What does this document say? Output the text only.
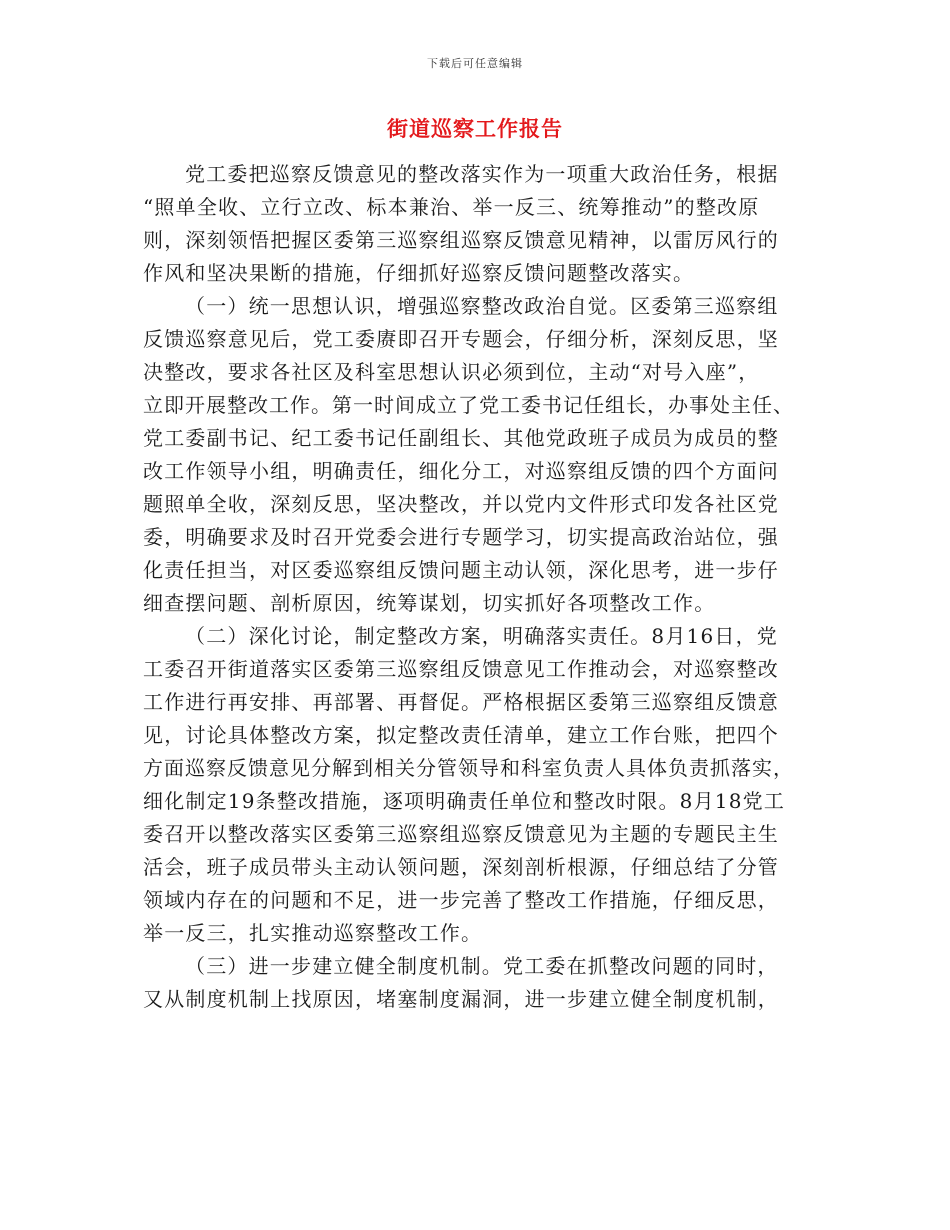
下载后可任意编辑
街道巡察工作报告

党工委把巡察反馈意见的整改落实作为一项重大政治任务，根据
“照单全收、立行立改、标本兼治、举一反三、统筹推动”的整改原
则，深刻领悟把握区委第三巡察组巡察反馈意见精神，以雷厉风行的
作风和坚决果断的措施，仔细抓好巡察反馈问题整改落实。

（一）统一思想认识，增强巡察整改政治自觉。区委第三巡察组
反馈巡察意见后，党工委赓即召开专题会，仔细分析，深刻反思，坚
决整改，要求各社区及科室思想认识必须到位，主动“对号入座”，
立即开展整改工作。第一时间成立了党工委书记任组长，办事处主任、
党工委副书记、纪工委书记任副组长、其他党政班子成员为成员的整
改工作领导小组，明确责任，细化分工，对巡察组反馈的四个方面问
题照单全收，深刻反思，坚决整改，并以党内文件形式印发各社区党
委，明确要求及时召开党委会进行专题学习，切实提高政治站位，强
化责任担当，对区委巡察组反馈问题主动认领，深化思考，进一步仔
细查摆问题、剖析原因，统筹谋划，切实抓好各项整改工作。

（二）深化讨论，制定整改方案，明确落实责任。8月16日，党
工委召开街道落实区委第三巡察组反馈意见工作推动会，对巡察整改
工作进行再安排、再部署、再督促。严格根据区委第三巡察组反馈意
见，讨论具体整改方案，拟定整改责任清单，建立工作台账，把四个
方面巡察反馈意见分解到相关分管领导和科室负责人具体负责抓落实，
细化制定19条整改措施，逐项明确责任单位和整改时限。8月18党工
委召开以整改落实区委第三巡察组巡察反馈意见为主题的专题民主生
活会，班子成员带头主动认领问题，深刻剖析根源，仔细总结了分管
领域内存在的问题和不足，进一步完善了整改工作措施，仔细反思，
举一反三，扎实推动巡察整改工作。

（三）进一步建立健全制度机制。党工委在抓整改问题的同时，
又从制度机制上找原因，堵塞制度漏洞，进一步建立健全制度机制，
